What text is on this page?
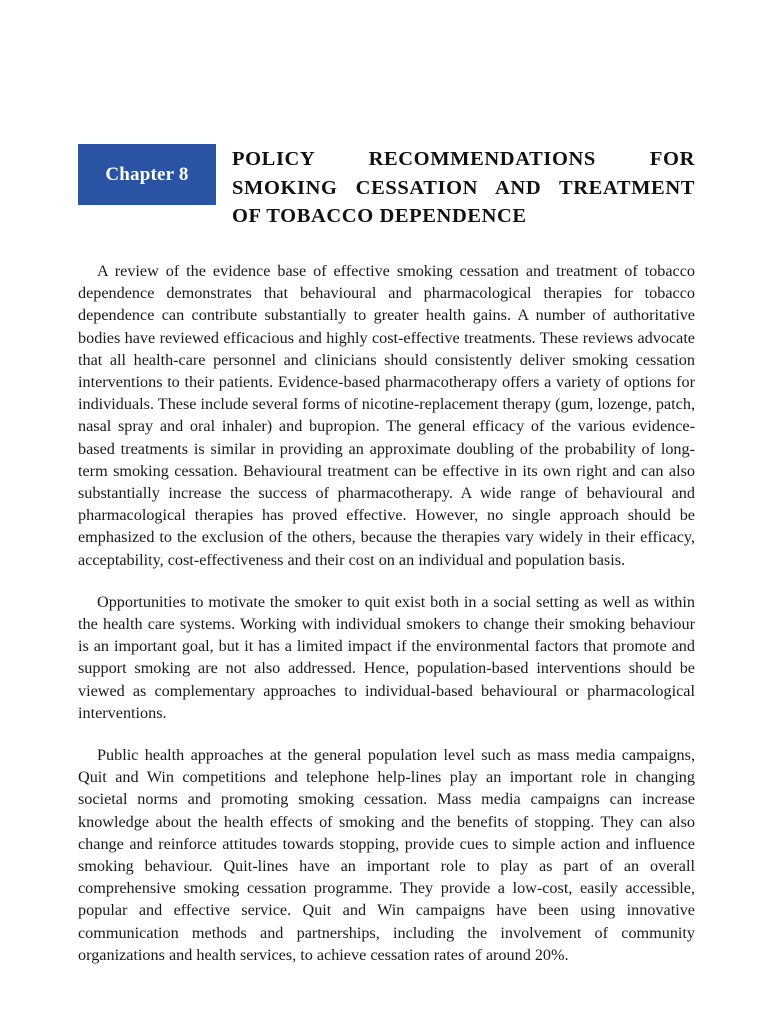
Chapter 8
POLICY RECOMMENDATIONS FOR
SMOKING CESSATION AND TREATMENT
OF TOBACCO DEPENDENCE

A review of the evidence base of effective smoking cessation and treatment of tobacco dependence demonstrates that behavioural and pharmacological therapies for tobacco dependence can contribute substantially to greater health gains. A number of authoritative bodies have reviewed efficacious and highly cost-effective treatments. These reviews advocate that all health-care personnel and clinicians should consistently deliver smoking cessation interventions to their patients. Evidence-based pharmacotherapy offers a variety of options for individuals. These include several forms of nicotine-replacement therapy (gum, lozenge, patch, nasal spray and oral inhaler) and bupropion. The general efficacy of the various evidence-based treatments is similar in providing an approximate doubling of the probability of long-term smoking cessation. Behavioural treatment can be effective in its own right and can also substantially increase the success of pharmacotherapy. A wide range of behavioural and pharmacological therapies has proved effective. However, no single approach should be emphasized to the exclusion of the others, because the therapies vary widely in their efficacy, acceptability, cost-effectiveness and their cost on an individual and population basis.

Opportunities to motivate the smoker to quit exist both in a social setting as well as within the health care systems. Working with individual smokers to change their smoking behaviour is an important goal, but it has a limited impact if the environmental factors that promote and support smoking are not also addressed. Hence, population-based interventions should be viewed as complementary approaches to individual-based behavioural or pharmacological interventions.

Public health approaches at the general population level such as mass media campaigns, Quit and Win competitions and telephone help-lines play an important role in changing societal norms and promoting smoking cessation. Mass media campaigns can increase knowledge about the health effects of smoking and the benefits of stopping. They can also change and reinforce attitudes towards stopping, provide cues to simple action and influence smoking behaviour. Quit-lines have an important role to play as part of an overall comprehensive smoking cessation programme. They provide a low-cost, easily accessible, popular and effective service. Quit and Win campaigns have been using innovative communication methods and partnerships, including the involvement of community organizations and health services, to achieve cessation rates of around 20%.
